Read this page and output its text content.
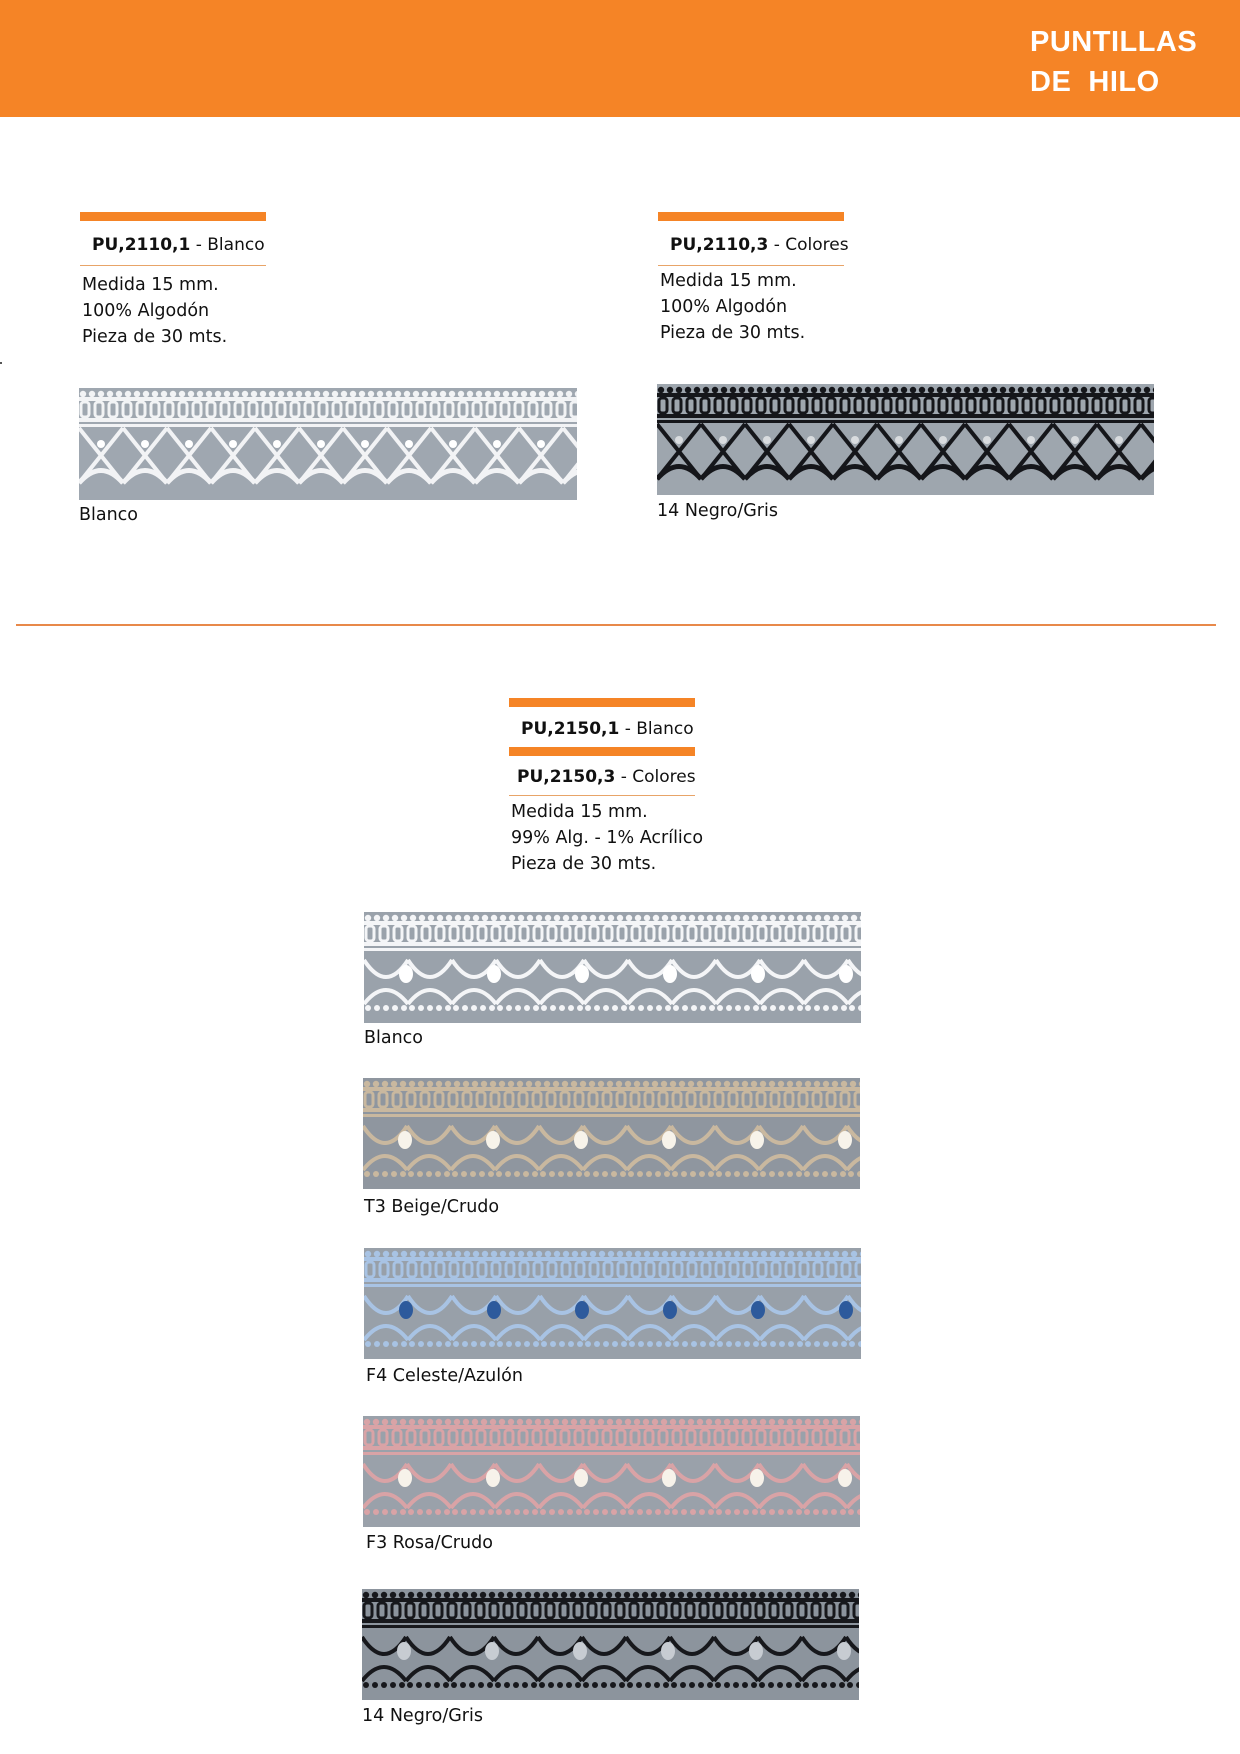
PUNTILLAS
DE  HILO
PU,2110,1 - Blanco
Medida 15 mm.
100% Algodón
Pieza de 30 mts.
Blanco
PU,2110,3 - Colores
Medida 15 mm.
100% Algodón
Pieza de 30 mts.
14 Negro/Gris
PU,2150,1 - Blanco
PU,2150,3 - Colores
Medida 15 mm.
99% Alg. - 1% Acrílico
Pieza de 30 mts.
Blanco
T3 Beige/Crudo
F4 Celeste/Azulón
F3 Rosa/Crudo
14 Negro/Gris
